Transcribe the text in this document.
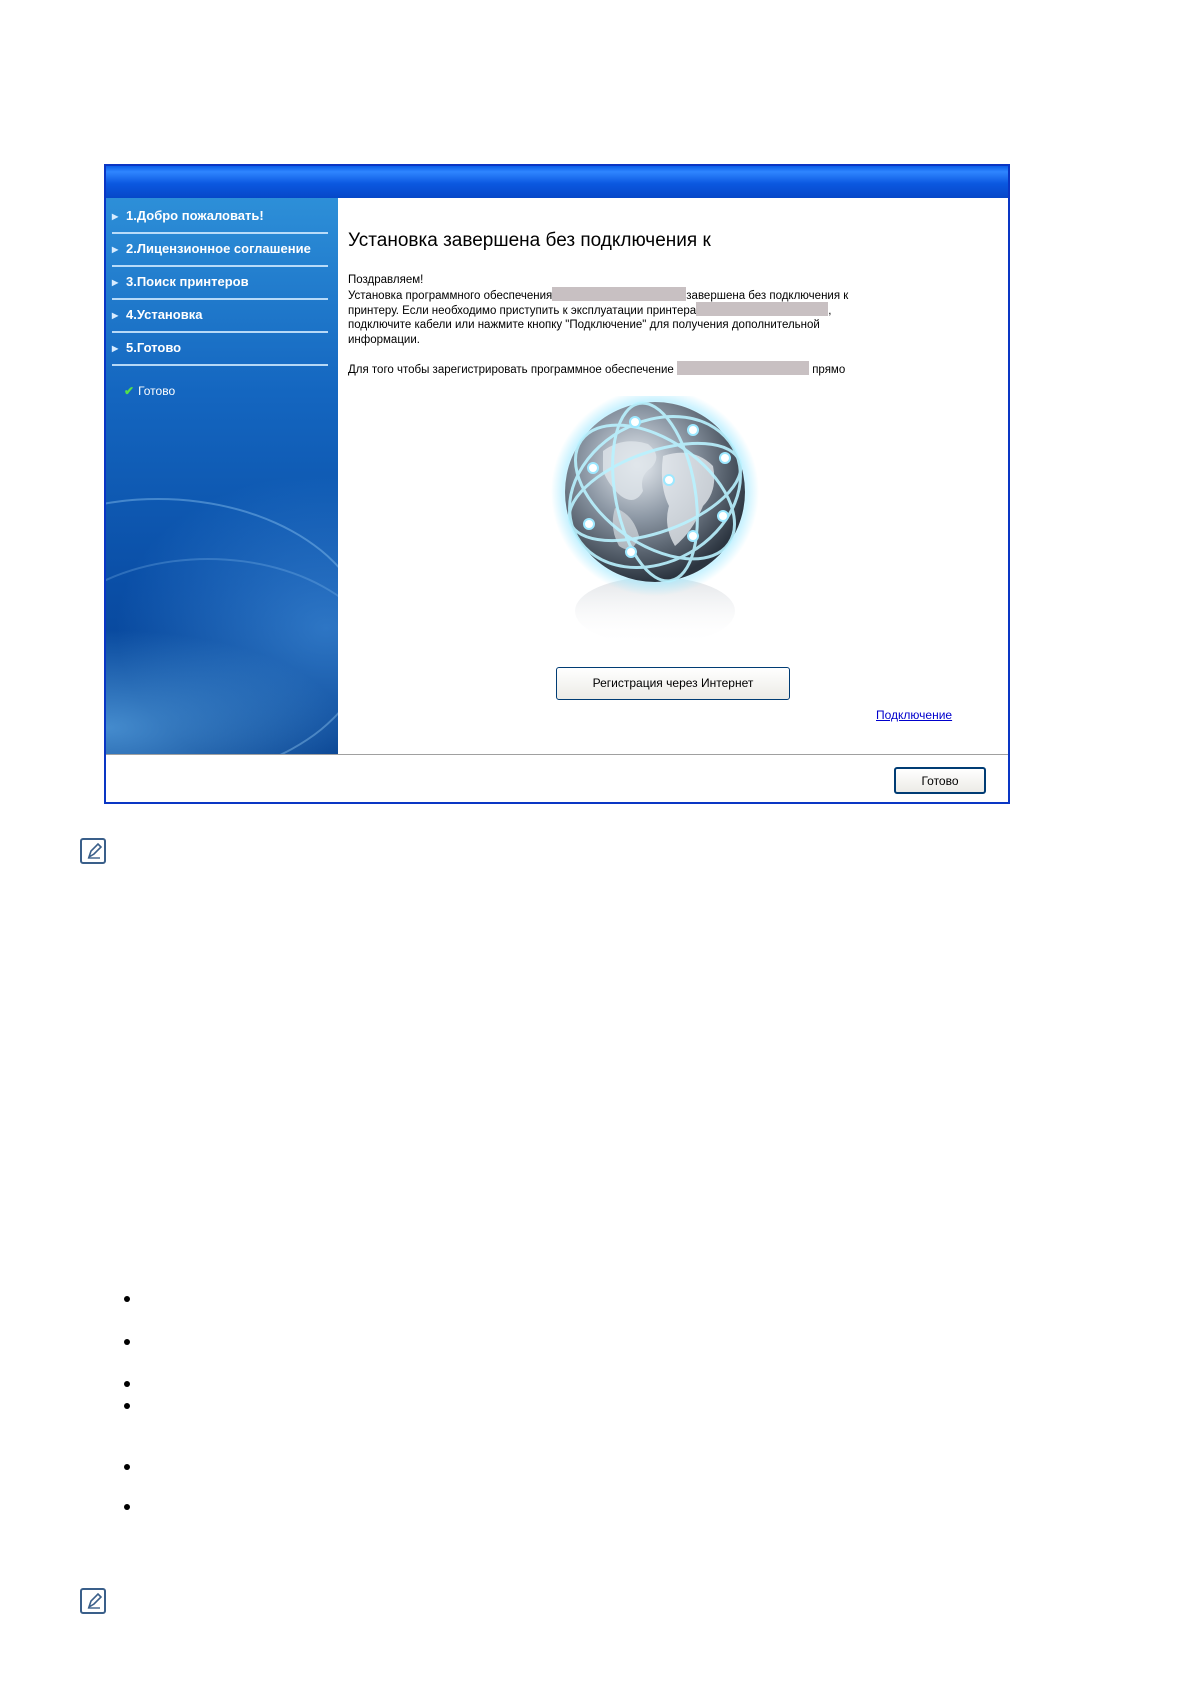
▶ 1.Добро пожаловать!
▶ 2.Лицензионное соглашение
▶ 3.Поиск принтеров
▶ 4.Установка
▶ 5.Готово
✔ Готово
Установка завершена без подключения к
Поздравляем!
Установка программного обеспечения	завершена без подключения к
принтеру. Если необходимо приступить к эксплуатации принтера	,
подключите кабели или нажмите кнопку "Подключение" для получения дополнительной
информации.
Для того чтобы зарегистрировать программное обеспечение	прямо
Регистрация через Интернет
Подключение
Готово
